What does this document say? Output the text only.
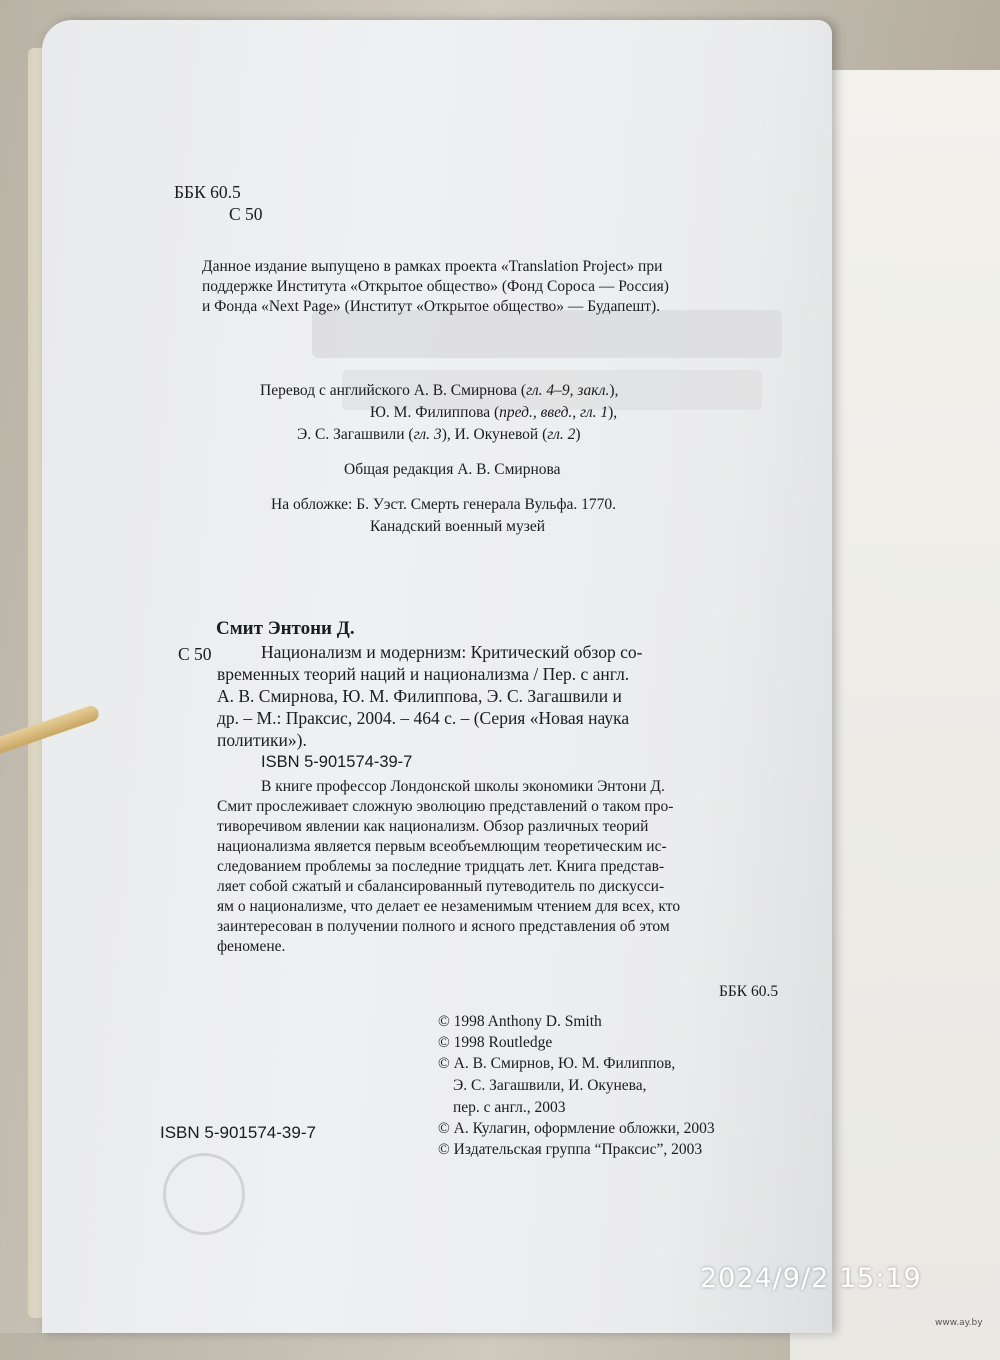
ББК 60.5
С 50
Данное издание выпущено в рамках проекта «Translation Project» при
поддержке Института «Открытое общество» (Фонд Сороса — Россия)
и Фонда «Next Page» (Институт «Открытое общество» — Будапешт).
Перевод с английского А. В. Смирнова (гл. 4–9, закл.),
Ю. М. Филиппова (пред., введ., гл. 1),
Э. С. Загашвили (гл. 3), И. Окуневой (гл. 2)
Общая редакция А. В. Смирнова
На обложке: Б. Уэст. Смерть генерала Вульфа. 1770.
Канадский военный музей
Смит Энтони Д.
С 50	Национализм и модернизм: Критический обзор со-
временных теорий наций и национализма / Пер. с англ.
А. В. Смирнова, Ю. М. Филиппова, Э. С. Загашвили и
др. – М.: Праксис, 2004. – 464 с. – (Серия «Новая наука
политики»).
ISBN 5-901574-39-7
В книге профессор Лондонской школы экономики Энтони Д.
Смит прослеживает сложную эволюцию представлений о таком про-
тиворечивом явлении как национализм. Обзор различных теорий
национализма является первым всеобъемлющим теоретическим ис-
следованием проблемы за последние тридцать лет. Книга представ-
ляет собой сжатый и сбалансированный путеводитель по дискусси-
ям о национализме, что делает ее незаменимым чтением для всех, кто
заинтересован в получении полного и ясного представления об этом
феномене.
ББК 60.5
© 1998 Anthony D. Smith
© 1998 Routledge
© А. В. Смирнов, Ю. М. Филиппов,
Э. С. Загашвили, И. Окунева,
пер. с англ., 2003
© А. Кулагин, оформление обложки, 2003
© Издательская группа “Праксис”, 2003
ISBN 5-901574-39-7
2024/9/2 15:19
www.ay.by
